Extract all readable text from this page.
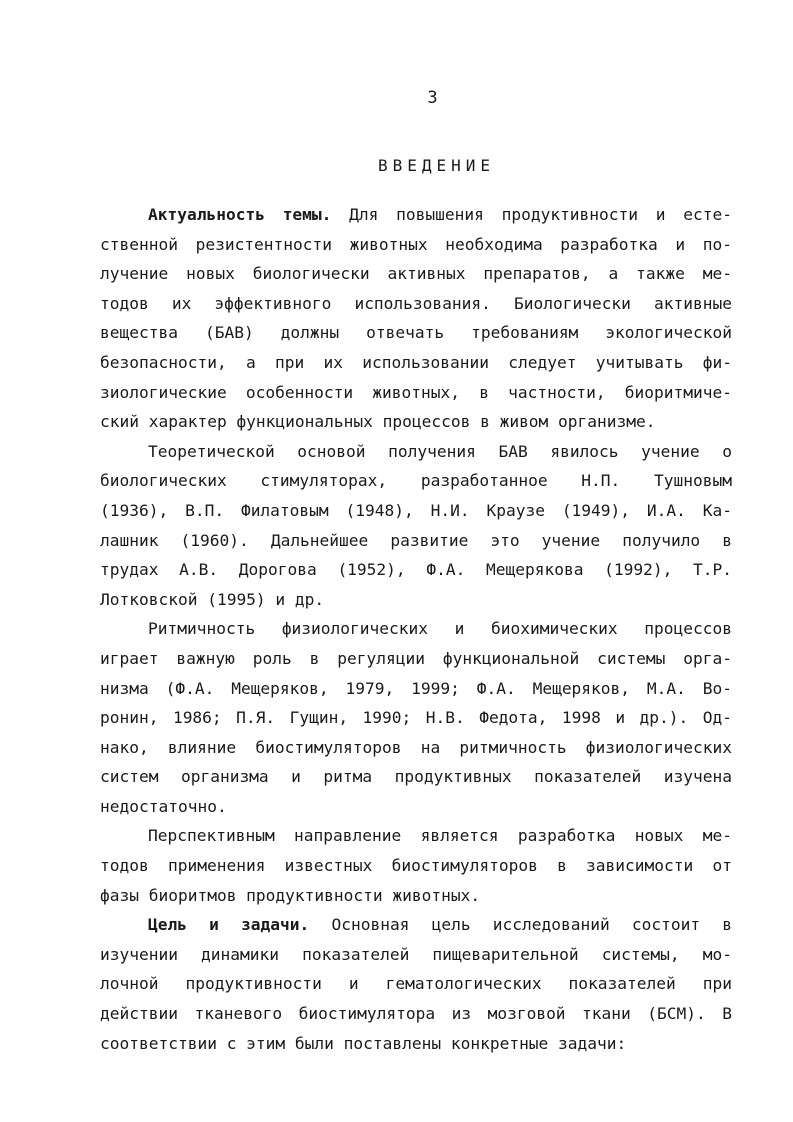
3
ВВЕДЕНИЕ
Актуальность темы. Для повышения продуктивности и есте-
ственной резистентности животных необходима разработка и по-
лучение новых биологически активных препаратов, а также ме-
тодов их эффективного использования. Биологически активные
вещества (БАВ) должны отвечать требованиям экологической
безопасности, а при их использовании следует учитывать фи-
зиологические особенности животных, в частности, биоритмиче-
ский характер функциональных процессов в живом организме.
Теоретической основой получения БАВ явилось учение о
биологических стимуляторах, разработанное Н.П. Тушновым
(1936), В.П. Филатовым (1948), Н.И. Краузе (1949), И.А. Ка-
лашник (1960). Дальнейшее развитие это учение получило в
трудах А.В. Дорогова (1952), Ф.А. Мещерякова (1992), Т.Р.
Лотковской (1995) и др.
Ритмичность физиологических и биохимических процессов
играет важную роль в регуляции функциональной системы орга-
низма (Ф.А. Мещеряков, 1979, 1999; Ф.А. Мещеряков, М.А. Во-
ронин, 1986; П.Я. Гущин, 1990; Н.В. Федота, 1998 и др.). Од-
нако, влияние биостимуляторов на ритмичность физиологических
систем организма и ритма продуктивных показателей изучена
недостаточно.
Перспективным направление является разработка новых ме-
тодов применения известных биостимуляторов в зависимости от
фазы биоритмов продуктивности животных.
Цель и задачи. Основная цель исследований состоит в
изучении динамики показателей пищеварительной системы, мо-
лочной продуктивности и гематологических показателей при
действии тканевого биостимулятора из мозговой ткани (БСМ). В
соответствии с этим были поставлены конкретные задачи:
